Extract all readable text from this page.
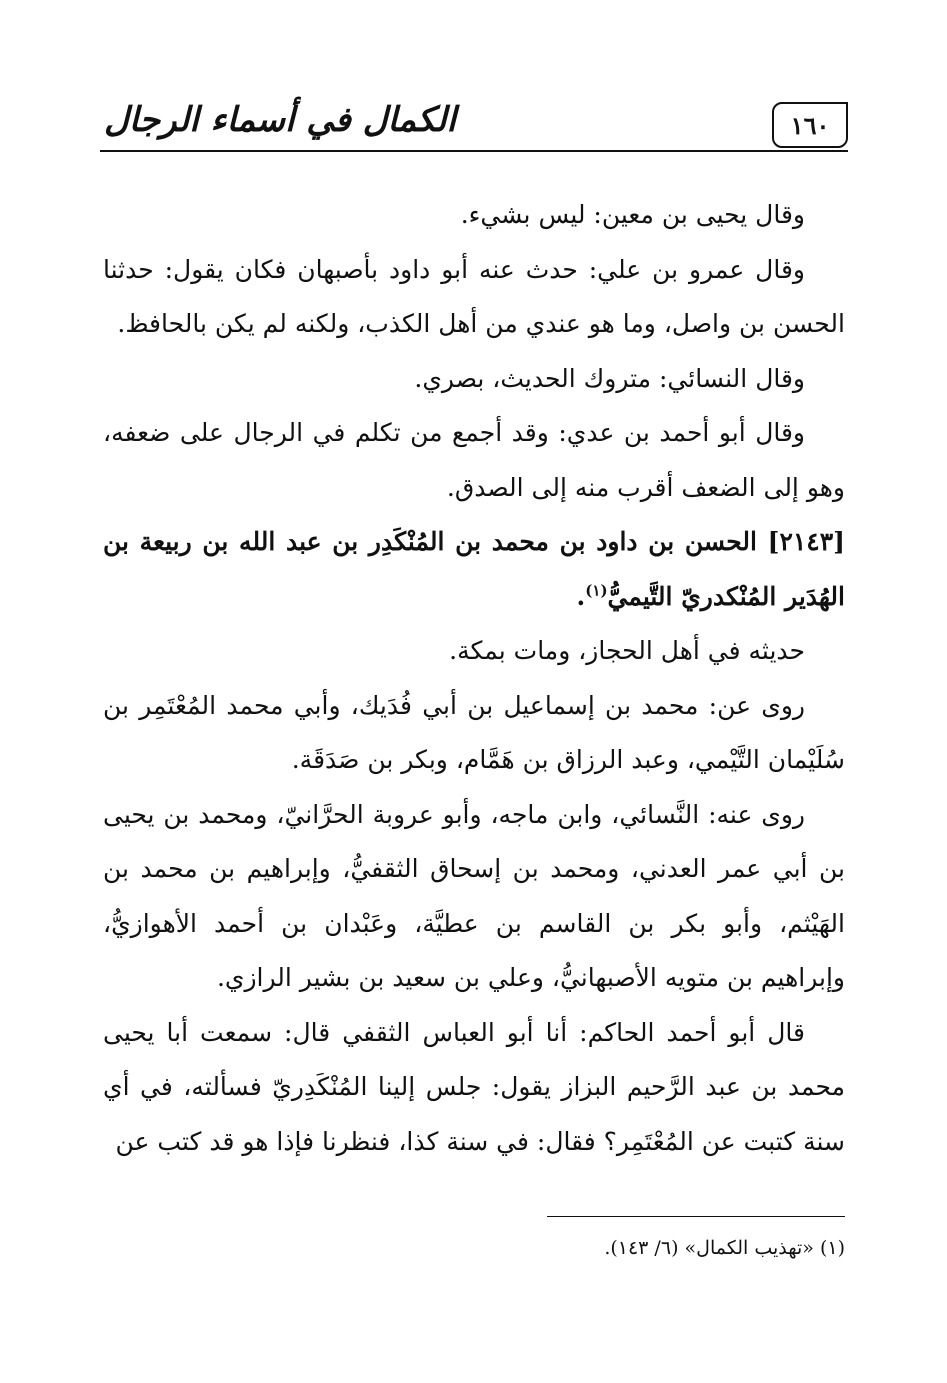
الكمال في أسماء الرجال	١٦٠

وقال يحيى بن معين: ليس بشيء.

وقال عمرو بن علي: حدث عنه أبو داود بأصبهان فكان يقول: حدثنا الحسن بن واصل، وما هو عندي من أهل الكذب، ولكنه لم يكن بالحافظ.

وقال النسائي: متروك الحديث، بصري.

وقال أبو أحمد بن عدي: وقد أجمع من تكلم في الرجال على ضعفه، وهو إلى الضعف أقرب منه إلى الصدق.

[٢١٤٣] الحسن بن داود بن محمد بن المُنْكَدِر بن عبد الله بن ربيعة بن الهُدَير المُنْكدريّ التَّيميُّ$^{(١)}$.

حديثه في أهل الحجاز، ومات بمكة.

روى عن: محمد بن إسماعيل بن أبي فُدَيك، وأبي محمد المُعْتَمِر بن سُلَيْمان التَّيْمي، وعبد الرزاق بن هَمَّام، وبكر بن صَدَقَة.

روى عنه: النَّسائي، وابن ماجه، وأبو عروبة الحرَّانيّ، ومحمد بن يحيى بن أبي عمر العدني، ومحمد بن إسحاق الثقفيُّ، وإبراهيم بن محمد بن الهَيْثم، وأبو بكر بن القاسم بن عطيَّة، وعَبْدان بن أحمد الأهوازيُّ، وإبراهيم بن متويه الأصبهانيُّ، وعلي بن سعيد بن بشير الرازي.

قال أبو أحمد الحاكم: أنا أبو العباس الثقفي قال: سمعت أبا يحيى محمد بن عبد الرَّحيم البزاز يقول: جلس إلينا المُنْكَدِريّ فسألته، في أي سنة كتبت عن المُعْتَمِر؟ فقال: في سنة كذا، فنظرنا فإذا هو قد كتب عن

(١) «تهذيب الكمال» (٦/ ١٤٣).
